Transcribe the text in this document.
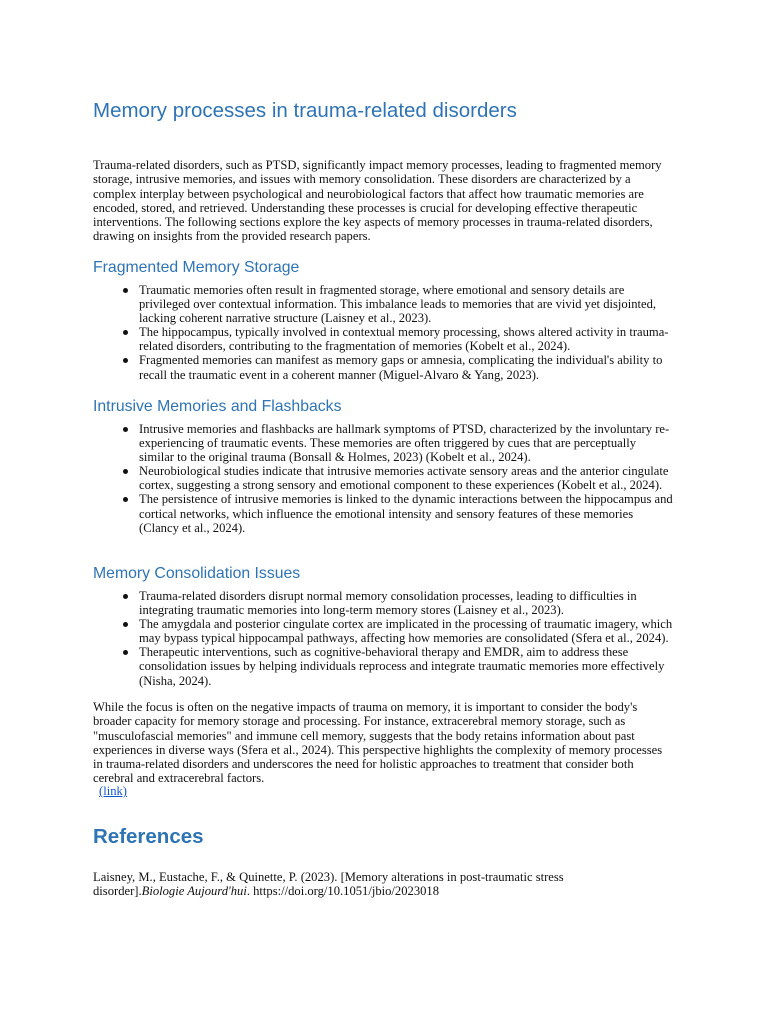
Memory processes in trauma-related disorders

Trauma-related disorders, such as PTSD, significantly impact memory processes, leading to fragmented memory storage, intrusive memories, and issues with memory consolidation. These disorders are characterized by a complex interplay between psychological and neurobiological factors that affect how traumatic memories are encoded, stored, and retrieved. Understanding these processes is crucial for developing effective therapeutic interventions. The following sections explore the key aspects of memory processes in trauma-related disorders, drawing on insights from the provided research papers.

Fragmented Memory Storage
Traumatic memories often result in fragmented storage, where emotional and sensory details are privileged over contextual information. This imbalance leads to memories that are vivid yet disjointed, lacking coherent narrative structure (Laisney et al., 2023).
The hippocampus, typically involved in contextual memory processing, shows altered activity in trauma-related disorders, contributing to the fragmentation of memories (Kobelt et al., 2024).
Fragmented memories can manifest as memory gaps or amnesia, complicating the individual's ability to recall the traumatic event in a coherent manner (Miguel-Alvaro & Yang, 2023).
Intrusive Memories and Flashbacks
Intrusive memories and flashbacks are hallmark symptoms of PTSD, characterized by the involuntary re-experiencing of traumatic events. These memories are often triggered by cues that are perceptually similar to the original trauma (Bonsall & Holmes, 2023) (Kobelt et al., 2024).
Neurobiological studies indicate that intrusive memories activate sensory areas and the anterior cingulate cortex, suggesting a strong sensory and emotional component to these experiences (Kobelt et al., 2024).
The persistence of intrusive memories is linked to the dynamic interactions between the hippocampus and cortical networks, which influence the emotional intensity and sensory features of these memories (Clancy et al., 2024).
Memory Consolidation Issues
Trauma-related disorders disrupt normal memory consolidation processes, leading to difficulties in integrating traumatic memories into long-term memory stores (Laisney et al., 2023).
The amygdala and posterior cingulate cortex are implicated in the processing of traumatic imagery, which may bypass typical hippocampal pathways, affecting how memories are consolidated (Sfera et al., 2024).
Therapeutic interventions, such as cognitive-behavioral therapy and EMDR, aim to address these consolidation issues by helping individuals reprocess and integrate traumatic memories more effectively (Nisha, 2024).

While the focus is often on the negative impacts of trauma on memory, it is important to consider the body's broader capacity for memory storage and processing. For instance, extracerebral memory storage, such as "musculofascial memories" and immune cell memory, suggests that the body retains information about past experiences in diverse ways (Sfera et al., 2024). This perspective highlights the complexity of memory processes in trauma-related disorders and underscores the need for holistic approaches to treatment that consider both cerebral and extracerebral factors.

(link)
References

Laisney, M., Eustache, F., & Quinette, P. (2023). [Memory alterations in post-traumatic stress disorder].Biologie Aujourd'hui. https://doi.org/10.1051/jbio/2023018
